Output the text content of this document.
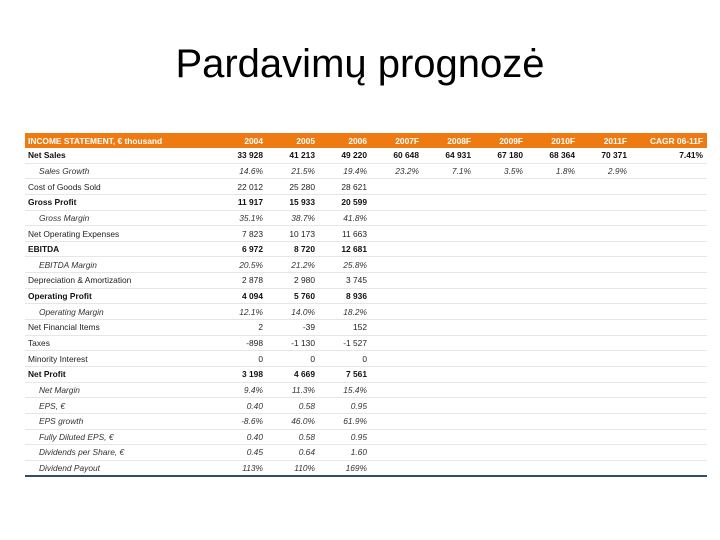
Pardavimų prognozė
INCOME STATEMENT, € thousand	2004	2005	2006	2007F	2008F	2009F	2010F	2011F	CAGR 06-11F
Net Sales	33 928	41 213	49 220	60 648	64 931	67 180	68 364	70 371	7.41%
Sales Growth	14.6%	21.5%	19.4%	23.2%	7.1%	3.5%	1.8%	2.9%	
Cost of Goods Sold	22 012	25 280	28 621						
Gross Profit	11 917	15 933	20 599						
Gross Margin	35.1%	38.7%	41.8%						
Net Operating Expenses	7 823	10 173	11 663						
EBITDA	6 972	8 720	12 681						
EBITDA Margin	20.5%	21.2%	25.8%						
Depreciation & Amortization	2 878	2 980	3 745						
Operating Profit	4 094	5 760	8 936						
Operating Margin	12.1%	14.0%	18.2%						
Net Financial Items	2	-39	152						
Taxes	-898	-1 130	-1 527						
Minority Interest	0	0	0						
Net Profit	3 198	4 669	7 561						
Net Margin	9.4%	11.3%	15.4%						
EPS, €	0.40	0.58	0.95						
EPS growth	-8.6%	46.0%	61.9%						
Fully Diluted EPS, €	0.40	0.58	0.95						
Dividends per Share, €	0.45	0.64	1.60						
Dividend Payout	113%	110%	169%						
